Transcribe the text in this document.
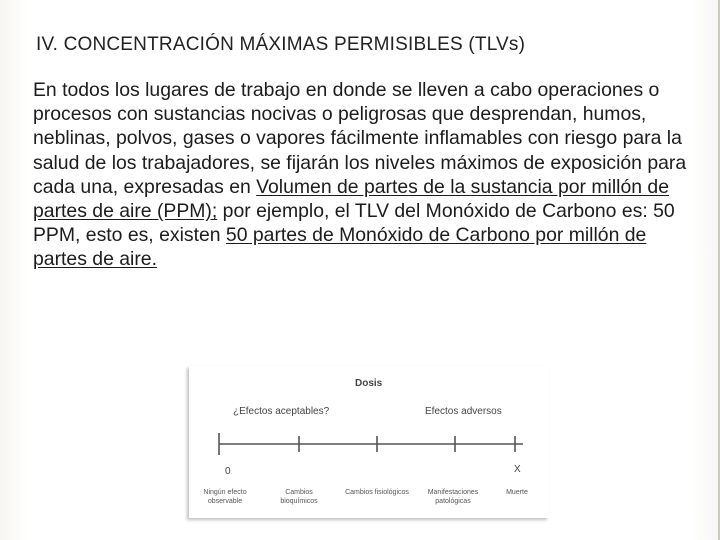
IV. CONCENTRACIÓN MÁXIMAS PERMISIBLES (TLVs)
En todos los lugares de trabajo en donde se lleven a cabo operaciones o procesos con sustancias nocivas o peligrosas que desprendan, humos, neblinas, polvos, gases o vapores fácilmente inflamables con riesgo para la salud de los trabajadores, se fijarán los niveles máximos de exposición para cada una, expresadas en Volumen de partes de la sustancia por millón de partes de aire (PPM); por ejemplo, el TLV del Monóxido de Carbono es: 50 PPM, esto es, existen 50 partes de Monóxido de Carbono por millón de partes de aire.
Dosis
¿Efectos aceptables?	Efectos adversos
0	X
Ningún efecto observable
Cambios bioquímicos
Cambios fisiológicos	Manifestaciones patológicas
Muerte
